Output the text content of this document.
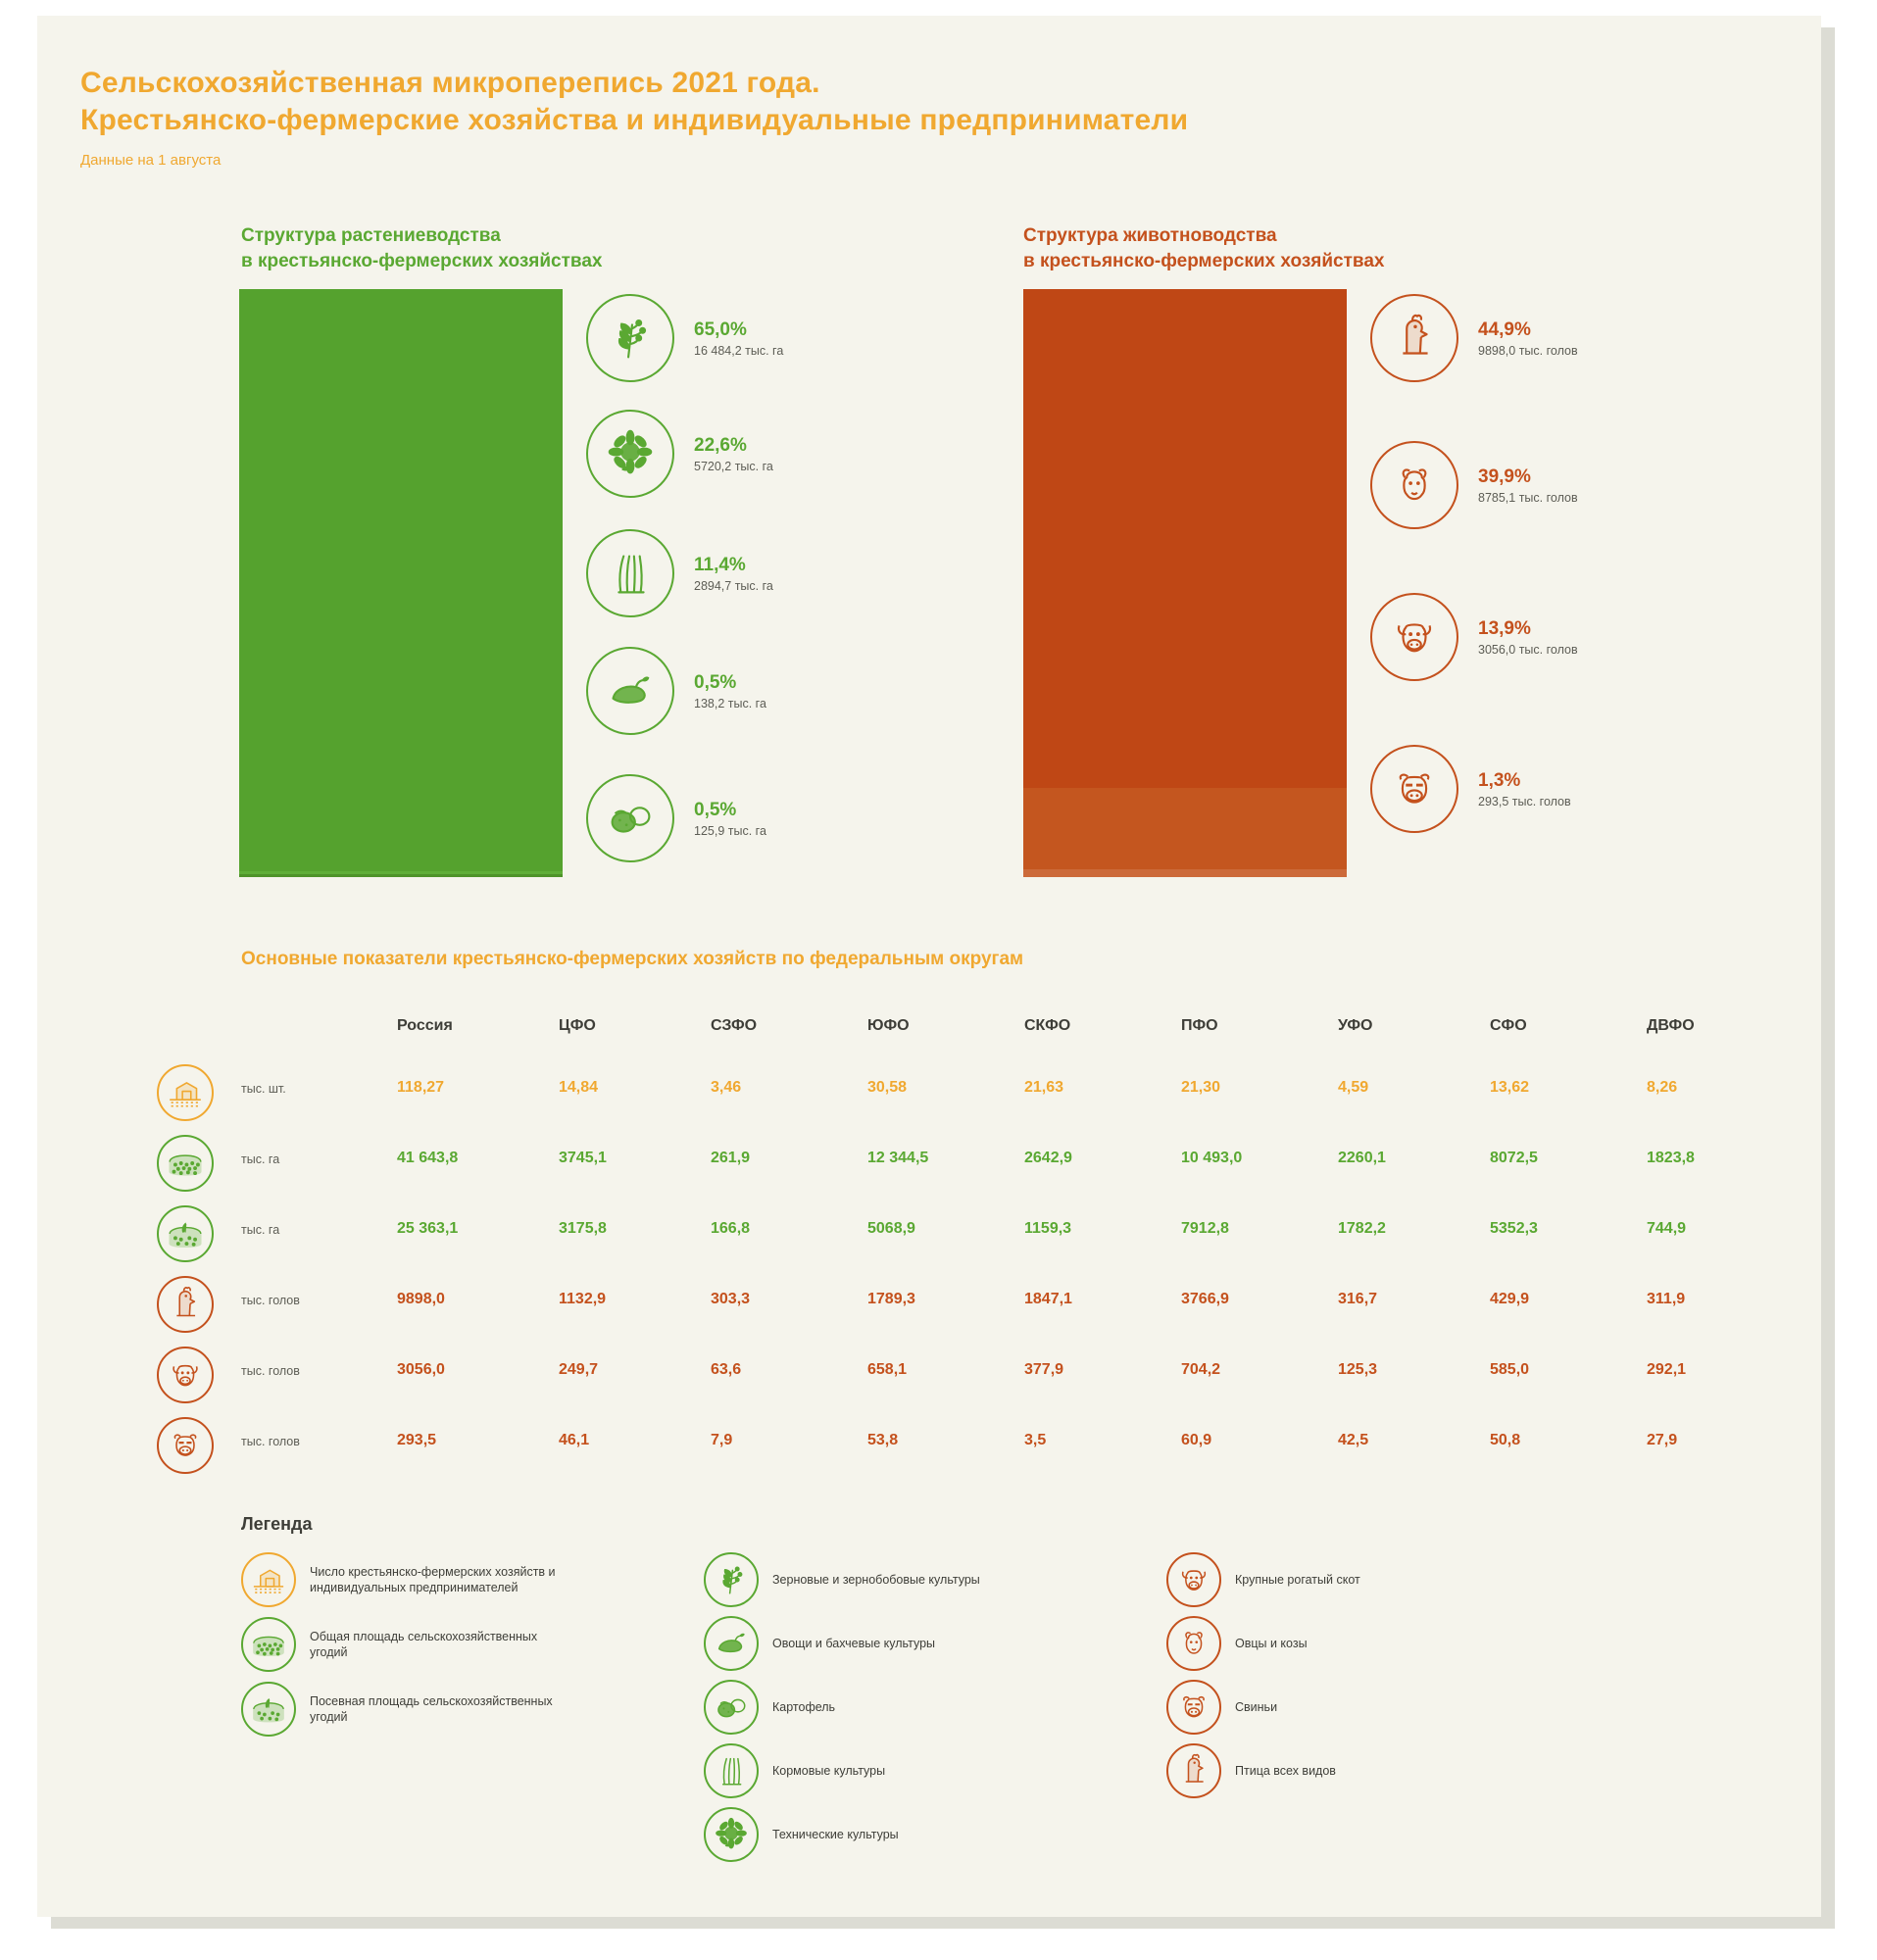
Сельскохозяйственная микроперепись 2021 года.
Крестьянско-фермерские хозяйства и индивидуальные предприниматели
Данные на 1 августа
Структура растениеводства
в крестьянско-фермерских хозяйствах
Структура животноводства
в крестьянско-фермерских хозяйствах
65,0%
16 484,2 тыс. га
22,6%
5720,2 тыс. га
11,4%
2894,7 тыс. га
0,5%
138,2 тыс. га
0,5%
125,9 тыс. га
44,9%
9898,0 тыс. голов
39,9%
8785,1 тыс. голов
13,9%
3056,0 тыс. голов
1,3%
293,5 тыс. голов
Основные показатели крестьянско-фермерских хозяйств по федеральным округам
Россия	ЦФО	СЗФО	ЮФО	СКФО	ПФО	УФО	СФО	ДВФО
тыс. шт.	118,27	14,84	3,46	30,58	21,63	21,30	4,59	13,62	8,26
тыс. га	41 643,8	3745,1	261,9	12 344,5	2642,9	10 493,0	2260,1	8072,5	1823,8
тыс. га	25 363,1	3175,8	166,8	5068,9	1159,3	7912,8	1782,2	5352,3	744,9
тыс. голов	9898,0	1132,9	303,3	1789,3	1847,1	3766,9	316,7	429,9	311,9
тыс. голов	3056,0	249,7	63,6	658,1	377,9	704,2	125,3	585,0	292,1
тыс. голов	293,5	46,1	7,9	53,8	3,5	60,9	42,5	50,8	27,9
Легенда
Число крестьянско-фермерских хозяйств и индивидуальных предпринимателей
Общая площадь сельскохозяйственных угодий
Посевная площадь сельскохозяйственных угодий
Зерновые и зернобобовые культуры
Овощи и бахчевые культуры
Картофель
Кормовые культуры
Технические культуры
Крупные рогатый скот
Овцы и козы
Свиньи
Птица всех видов
